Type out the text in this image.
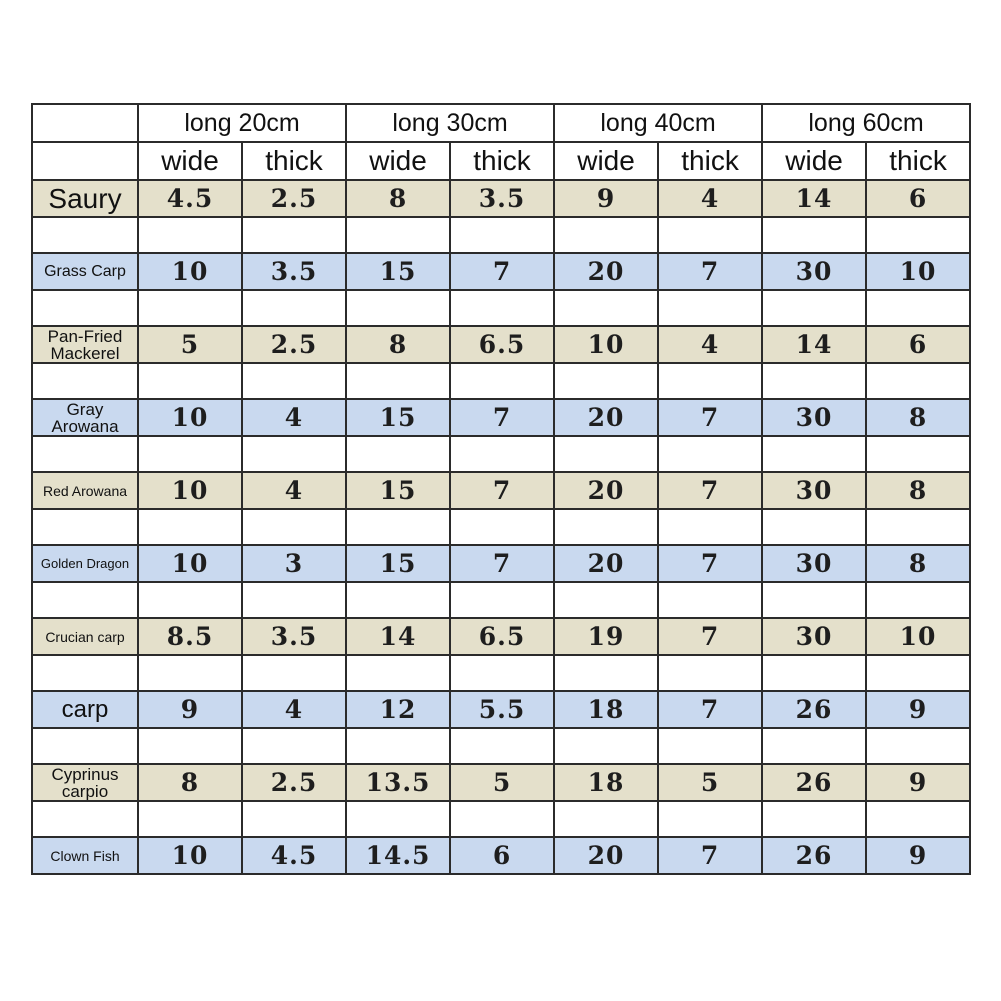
	long 20cm		long 30cm		long 40cm		long 60cm	
	wide	thick	wide	thick	wide	thick	wide	thick
Saury	4.5	2.5	8	3.5	9	4	14	6

Grass Carp	10	3.5	15	7	20	7	30	10

Pan-Fried Mackerel	5	2.5	8	6.5	10	4	14	6

Gray Arowana	10	4	15	7	20	7	30	8

Red Arowana	10	4	15	7	20	7	30	8

Golden Dragon	10	3	15	7	20	7	30	8

Crucian carp	8.5	3.5	14	6.5	19	7	30	10

carp	9	4	12	5.5	18	7	26	9

Cyprinus carpio	8	2.5	13.5	5	18	5	26	9

Clown Fish	10	4.5	14.5	6	20	7	26	9
